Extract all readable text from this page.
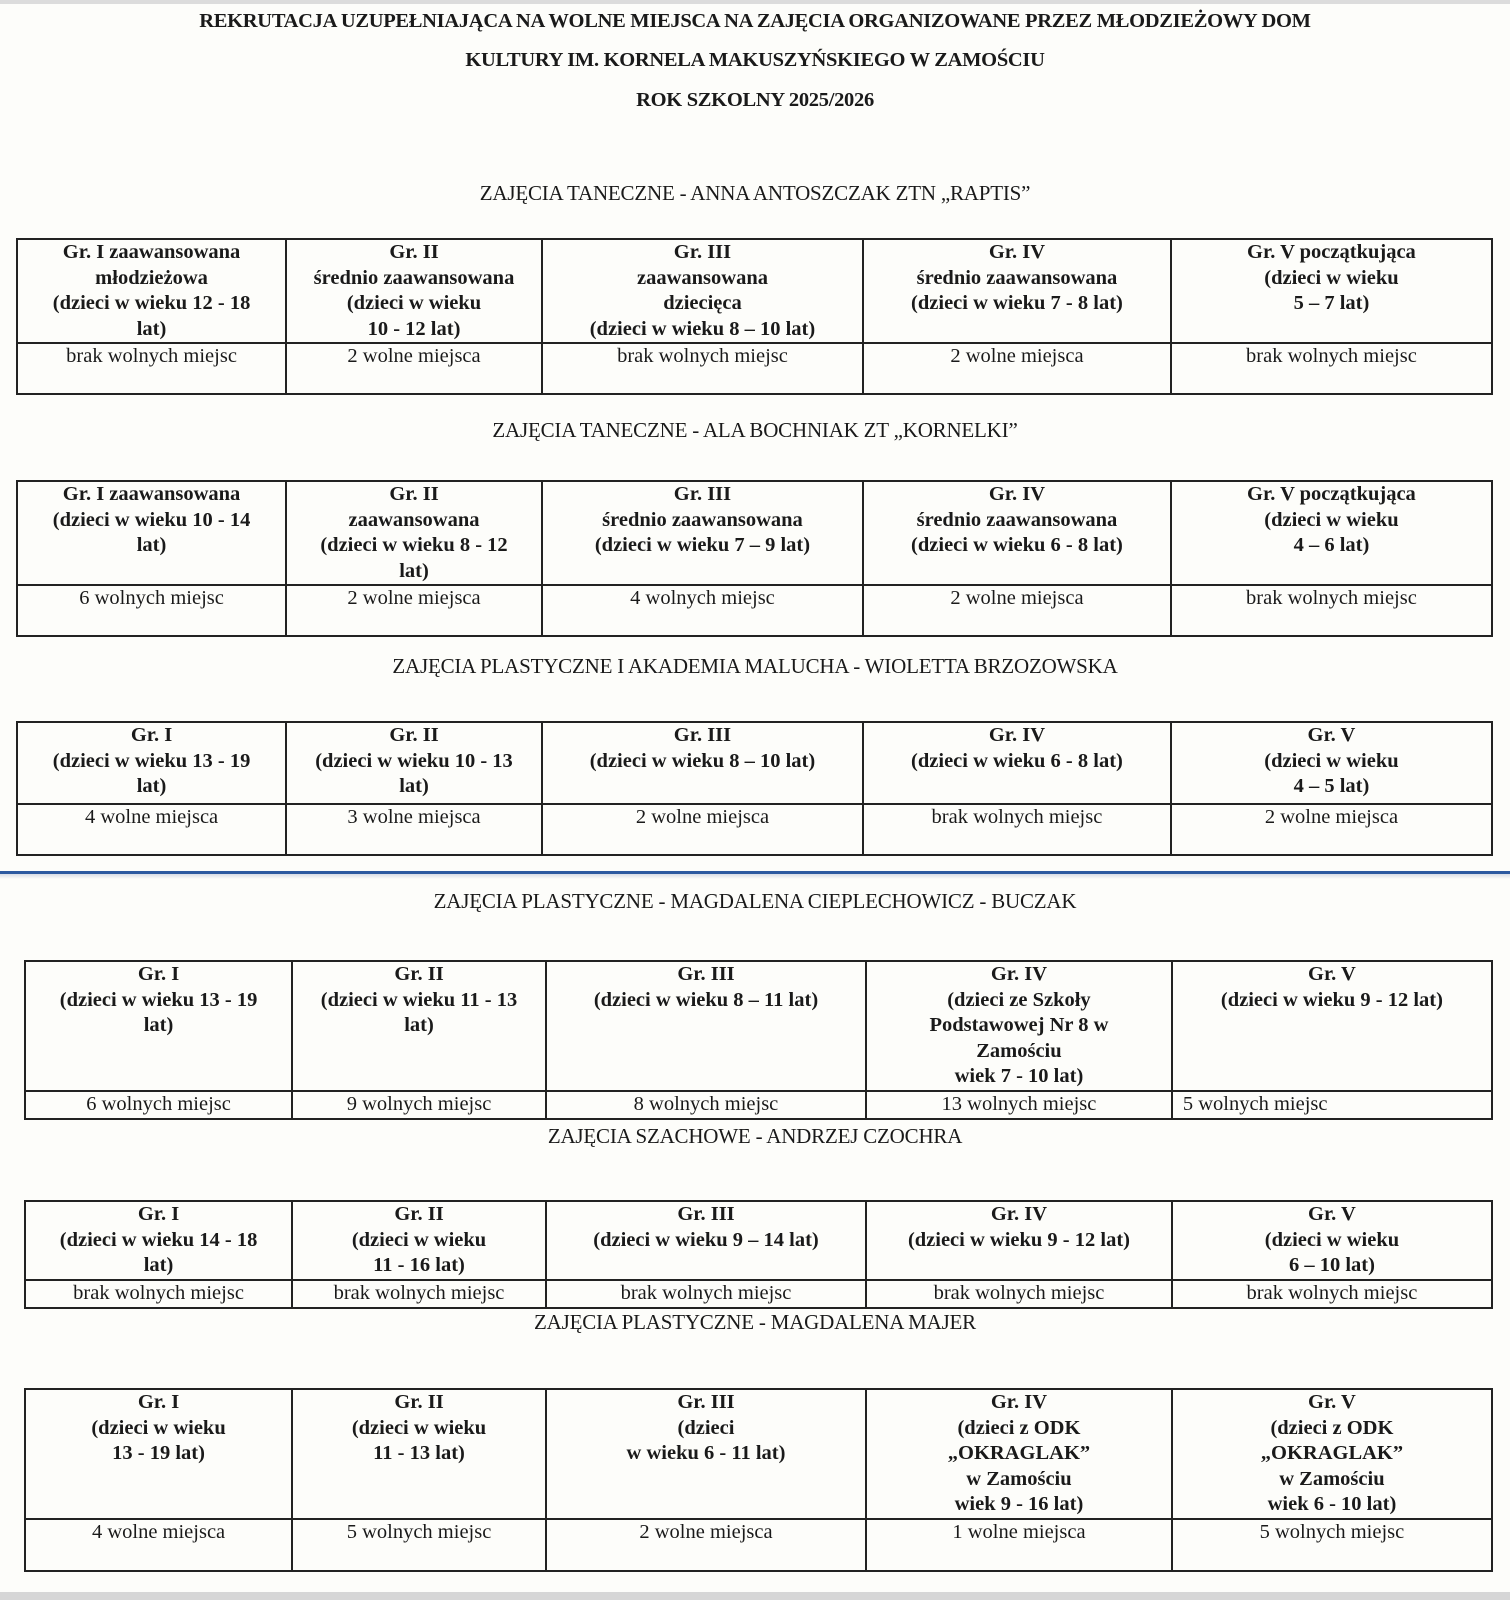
REKRUTACJA UZUPEŁNIAJĄCA NA WOLNE MIEJSCA NA ZAJĘCIA ORGANIZOWANE PRZEZ MŁODZIEŻOWY DOM
KULTURY IM. KORNELA MAKUSZYŃSKIEGO W ZAMOŚCIU
ROK SZKOLNY 2025/2026
ZAJĘCIA TANECZNE - ANNA ANTOSZCZAK ZTN „RAPTIS”
Gr. I zaawansowana
młodzieżowa
(dzieci w wieku 12 - 18
lat)	Gr. II
średnio zaawansowana
(dzieci w wieku
10 - 12 lat)	Gr. III
zaawansowana
dziecięca
(dzieci w wieku 8 – 10 lat)	Gr. IV
średnio zaawansowana
(dzieci w wieku 7 - 8 lat)	Gr. V początkująca
(dzieci w wieku
5 – 7 lat)

brak wolnych miejsc	2 wolne miejsca	brak wolnych miejsc	2 wolne miejsca	brak wolnych miejsc
ZAJĘCIA TANECZNE - ALA BOCHNIAK ZT „KORNELKI”
Gr. I zaawansowana
(dzieci w wieku 10 - 14
lat)	Gr. II
zaawansowana
(dzieci w wieku 8 - 12
lat)	Gr. III
średnio zaawansowana
(dzieci w wieku 7 – 9 lat)	Gr. IV
średnio zaawansowana
(dzieci w wieku 6 - 8 lat)	Gr. V początkująca
(dzieci w wieku
4 – 6 lat)

6 wolnych miejsc	2 wolne miejsca	4 wolnych miejsc	2 wolne miejsca	brak wolnych miejsc
ZAJĘCIA PLASTYCZNE I AKADEMIA MALUCHA - WIOLETTA BRZOZOWSKA
Gr. I
(dzieci w wieku 13 - 19
lat)	Gr. II
(dzieci w wieku 10 - 13
lat)	Gr. III
(dzieci w wieku 8 – 10 lat)	Gr. IV
(dzieci w wieku 6 - 8 lat)	Gr. V
(dzieci w wieku
4 – 5 lat)

4 wolne miejsca	3 wolne miejsca	2 wolne miejsca	brak wolnych miejsc	2 wolne miejsca
ZAJĘCIA PLASTYCZNE - MAGDALENA CIEPLECHOWICZ - BUCZAK
Gr. I
(dzieci w wieku 13 - 19
lat)	Gr. II
(dzieci w wieku 11 - 13
lat)	Gr. III
(dzieci w wieku 8 – 11 lat)	Gr. IV
(dzieci ze Szkoły
Podstawowej Nr 8 w
Zamościu
wiek 7 - 10 lat)	Gr. V
(dzieci w wieku 9 - 12 lat)

6 wolnych miejsc	9 wolnych miejsc	8 wolnych miejsc	13 wolnych miejsc	5 wolnych miejsc
ZAJĘCIA SZACHOWE - ANDRZEJ CZOCHRA
Gr. I
(dzieci w wieku 14 - 18
lat)	Gr. II
(dzieci w wieku
11 - 16 lat)	Gr. III
(dzieci w wieku 9 – 14 lat)	Gr. IV
(dzieci w wieku 9 - 12 lat)	Gr. V
(dzieci w wieku
6 – 10 lat)

brak wolnych miejsc	brak wolnych miejsc	brak wolnych miejsc	brak wolnych miejsc	brak wolnych miejsc
ZAJĘCIA PLASTYCZNE - MAGDALENA MAJER
Gr. I
(dzieci w wieku
13 - 19 lat)	Gr. II
(dzieci w wieku
11 - 13 lat)	Gr. III
(dzieci
w wieku 6 - 11 lat)	Gr. IV
(dzieci z ODK
„OKRAGLAK”
w Zamościu
wiek 9 - 16 lat)	Gr. V
(dzieci z ODK
„OKRAGLAK”
w Zamościu
wiek 6 - 10 lat)

4 wolne miejsca	5 wolnych miejsc	2 wolne miejsca	1 wolne miejsca	5 wolnych miejsc
